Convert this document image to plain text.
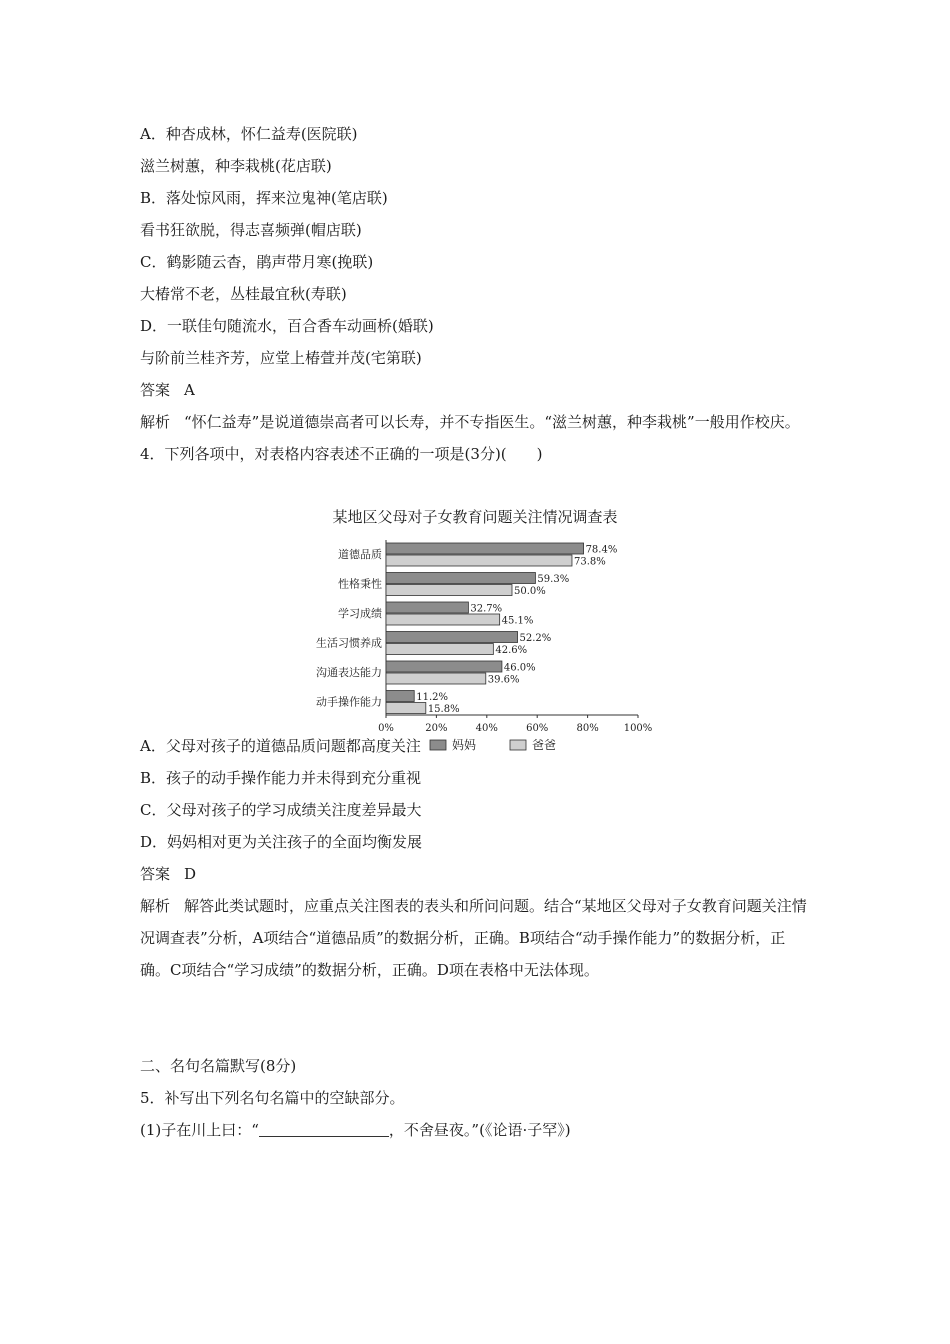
A．种杏成林，怀仁益寿(医院联)
滋兰树蕙，种李栽桃(花店联)
B．落处惊风雨，挥来泣鬼神(笔店联)
看书狂欲脱，得志喜频弹(帽店联)
C．鹤影随云杳，鹃声带月寒(挽联)
大椿常不老，丛桂最宜秋(寿联)
D．一联佳句随流水，百合香车动画桥(婚联)
与阶前兰桂齐芳，应堂上椿萱并茂(宅第联)
答案 A
解析 “怀仁益寿”是说道德崇高者可以长寿，并不专指医生。“滋兰树蕙，种李栽桃”一般用作校庆。
4．下列各项中，对表格内容表述不正确的一项是(3分)(　　)
A．父母对孩子的道德品质问题都高度关注
B．孩子的动手操作能力并未得到充分重视
C．父母对孩子的学习成绩关注度差异最大
D．妈妈相对更为关注孩子的全面均衡发展
答案 D
解析 解答此类试题时，应重点关注图表的表头和所问问题。结合“某地区父母对子女教育问题关注情况调查表”分析，A项结合“道德品质”的数据分析，正确。B项结合“动手操作能力”的数据分析，正确。C项结合“学习成绩”的数据分析，正确。D项在表格中无法体现。
二、名句名篇默写(8分)
5．补写出下列名句名篇中的空缺部分。
(1)子在川上曰：“	，不舍昼夜。”(《论语·子罕》)
某地区父母对子女教育问题关注情况调查表
道德品质	78.4%
73.8%
性格秉性	59.3%
50.0%
学习成绩	32.7%
45.1%
生活习惯养成	52.2%
42.6%
沟通表达能力	46.0%
39.6%
动手操作能力	11.2%
15.8%
0%	20%	40%	60%	80% 100%
妈妈	爸爸
